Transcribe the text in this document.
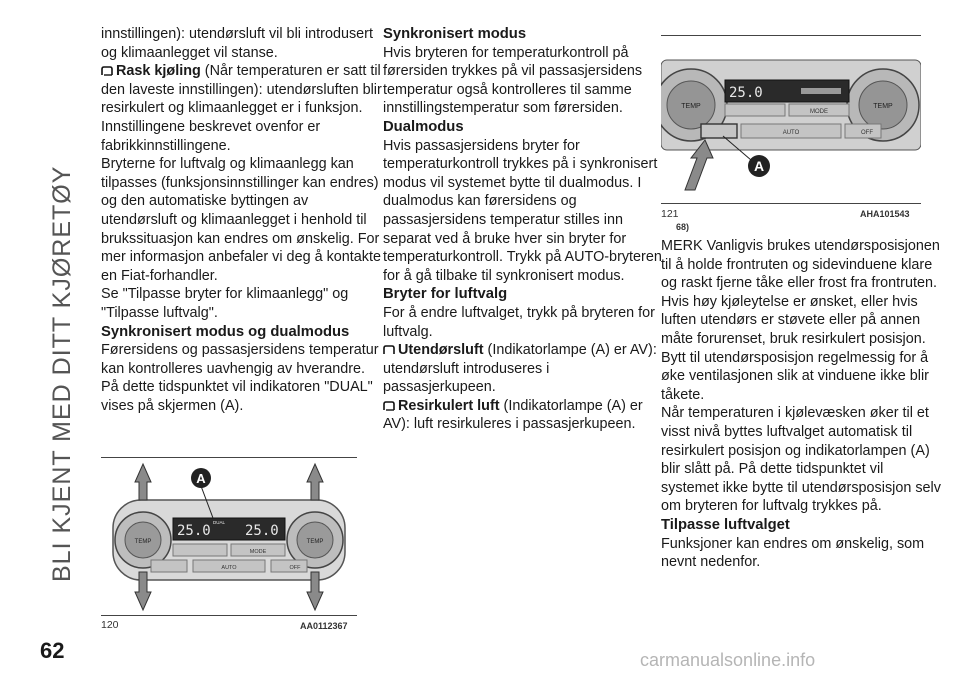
BLI KJENT MED DITT KJØRETØY

innstillingen): utendørsluft vil bli introdusert og klimaanlegget vil stanse.

Rask kjøling (Når temperaturen er satt til den laveste innstillingen): utendørsluften blir resirkulert og klimaanlegget er i funksjon.

Innstillingene beskrevet ovenfor er fabrikkinnstillingene.

Bryterne for luftvalg og klimaanlegg kan tilpasses (funksjonsinnstillinger kan endres) og den automatiske byttingen av utendørsluft og klimaanlegget i henhold til brukssituasjon kan endres om ønskelig. For mer informasjon anbefaler vi deg å kontakte en Fiat-forhandler.

Se "Tilpasse bryter for klimaanlegg" og "Tilpasse luftvalg".

Synkronisert modus og dualmodus

Førersidens og passasjersidens temperatur kan kontrolleres uavhengig av hverandre. På dette tidspunktet vil indikatoren "DUAL" vises på skjermen (A).

TEMP	TEMP
25.0 25.0
DUAL
MODE
AUTO	OFF
A
120	AA0112367
Synkronisert modus

Hvis bryteren for temperaturkontroll på førersiden trykkes på vil passasjersidens temperatur også kontrolleres til samme innstillingstemperatur som førersiden.

Dualmodus

Hvis passasjersidens bryter for temperaturkontroll trykkes på i synkronisert modus vil systemet bytte til dualmodus. I dualmodus kan førersidens og passasjersidens temperatur stilles inn separat ved å bruke hver sin bryter for temperaturkontroll. Trykk på AUTO-bryteren for å gå tilbake til synkronisert modus.

Bryter for luftvalg

For å endre luftvalget, trykk på bryteren for luftvalg.

Utendørsluft (Indikatorlampe (A) er AV): utendørsluft introduseres i passasjerkupeen.

Resirkulert luft (Indikatorlampe (A) er AV): luft resirkuleres i passasjerkupeen.

TEMP	TEMP
25.0
MODE
AUTO	OFF
A
121	AHA101543
68)

MERK Vanligvis brukes utendørsposisjonen til å holde frontruten og sidevinduene klare og raskt fjerne tåke eller frost fra frontruten. Hvis høy kjøleytelse er ønsket, eller hvis luften utendørs er støvete eller på annen måte forurenset, bruk resirkulert posisjon. Bytt til utendørsposisjon regelmessig for å øke ventilasjonen slik at vinduene ikke blir tåkete.

Når temperaturen i kjølevæsken øker til et visst nivå byttes luftvalget automatisk til resirkulert posisjon og indikatorlampen (A) blir slått på. På dette tidspunktet vil systemet ikke bytte til utendørsposisjon selv om bryteren for luftvalg trykkes på.

Tilpasse luftvalget

Funksjoner kan endres om ønskelig, som nevnt nedenfor.

62	carmanualsonline.info
